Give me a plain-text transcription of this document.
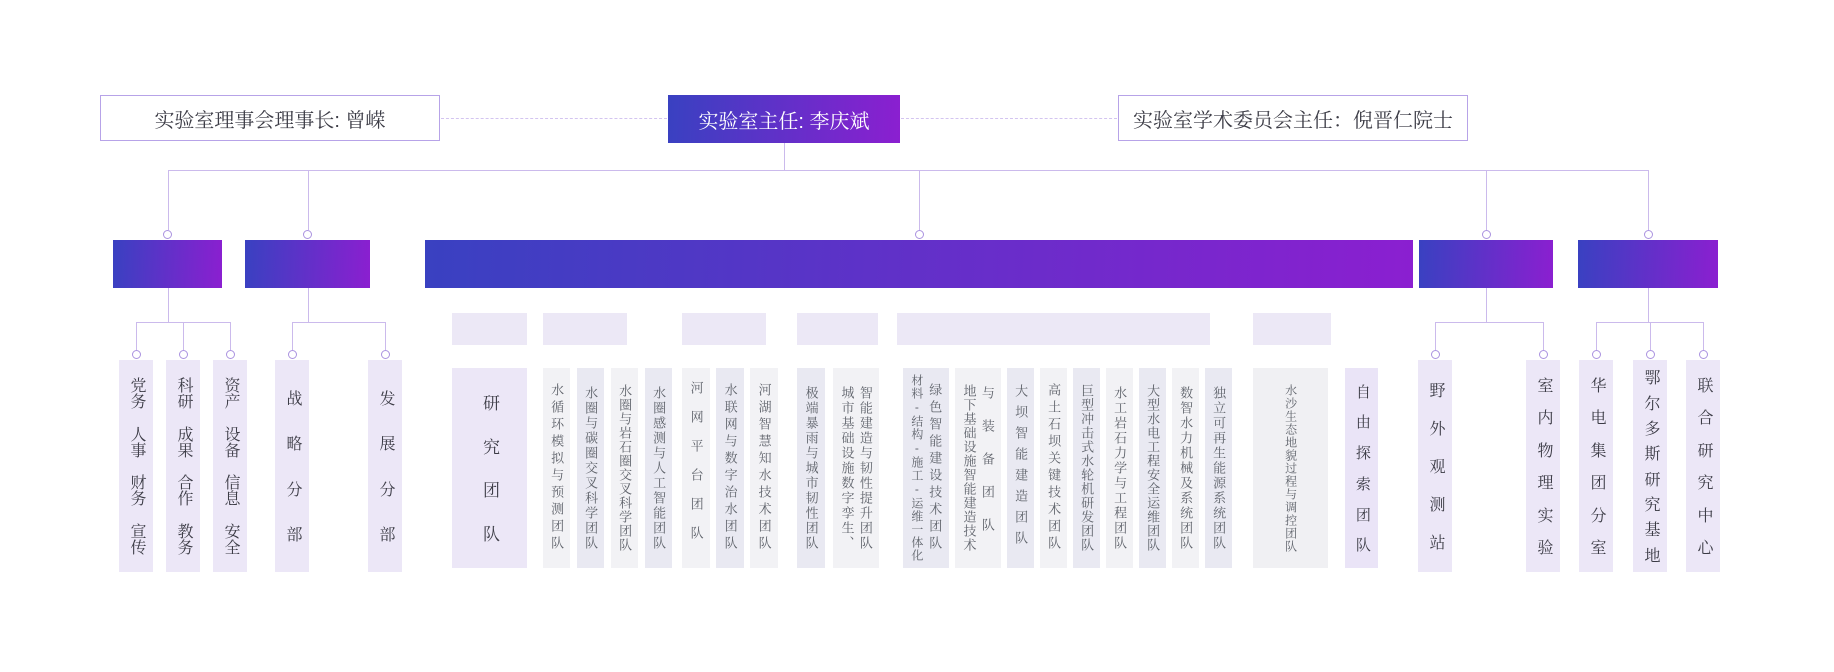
实验室理事会理事长: 曾嵘	实验室主任: 李庆斌	实验室学术委员会主任：倪晋仁院士
党务
人事
财务
宣传
科研
成果
合作
教务
资产
设备
信息
安全
战
略
分
部
发
展
分
部
野
外
观
测
站
室
内
物
理
实
验
华
电
集
团
分
室
鄂
尔
多
斯
研
究
基
地
联
合
研
究
中
心
研
究
团
队	水循环模拟与预测团队 水圈与碳圈交叉科学团队 水圈与岩石圈交叉科学团队 水圈感测与人工智能团队 河网平台团队 水联网与数字治水团队 河湖智慧知水技术团队 极端暴雨与城市韧性团队 城市基础设施数字孪生、 智能建造与韧性提升团队	材料-结构-施工-运维一体化 绿色智能建设技术团队 地下基础设施智能建造技术 与装备团队 大坝智能建造团队 高土石坝关键技术团队 巨型冲击式水轮机研发团队 水工岩石力学与工程团队 大型水电工程安全运维团队 数智水力机械及系统团队 独立可再生能源系统团队	水沙生态地貌过程与调控团队	自
由
探
索
团
队
